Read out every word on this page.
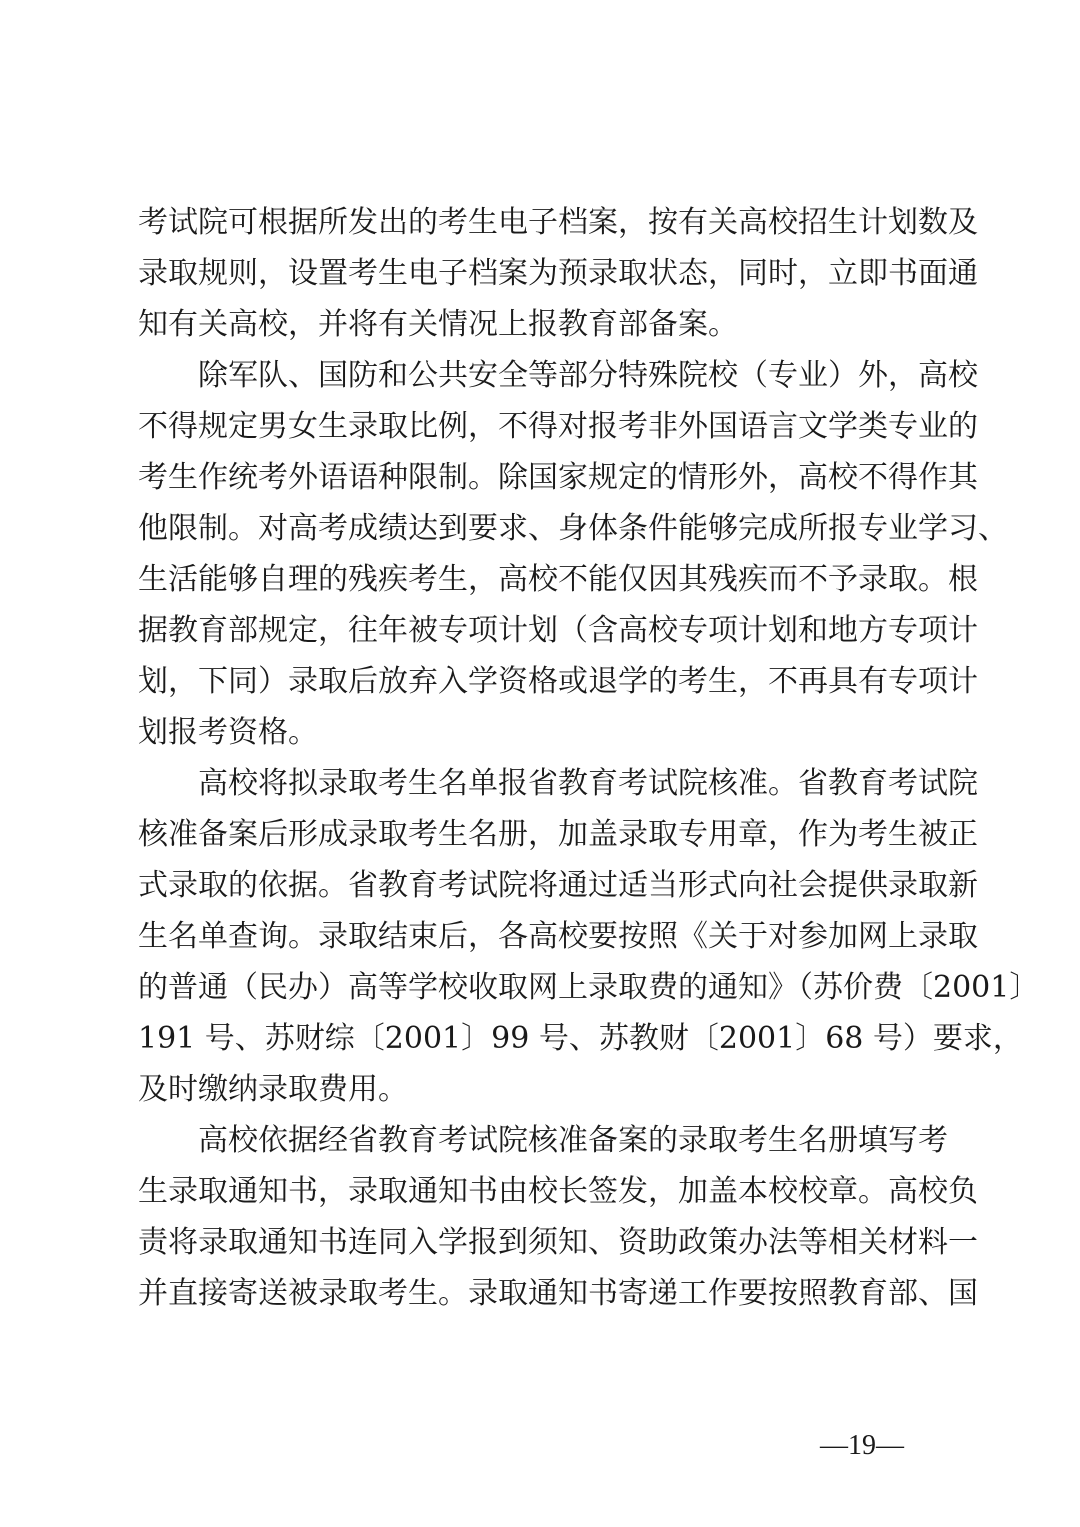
考试院可根据所发出的考生电子档案，按有关高校招生计划数及
录取规则，设置考生电子档案为预录取状态，同时，立即书面通
知有关高校，并将有关情况上报教育部备案。
除军队、国防和公共安全等部分特殊院校（专业）外，高校
不得规定男女生录取比例，不得对报考非外国语言文学类专业的
考生作统考外语语种限制。除国家规定的情形外，高校不得作其
他限制。对高考成绩达到要求、身体条件能够完成所报专业学习、
生活能够自理的残疾考生，高校不能仅因其残疾而不予录取。根
据教育部规定，往年被专项计划（含高校专项计划和地方专项计
划，下同）录取后放弃入学资格或退学的考生，不再具有专项计
划报考资格。
高校将拟录取考生名单报省教育考试院核准。省教育考试院
核准备案后形成录取考生名册，加盖录取专用章，作为考生被正
式录取的依据。省教育考试院将通过适当形式向社会提供录取新
生名单查询。录取结束后，各高校要按照《关于对参加网上录取
的普通（民办）高等学校收取网上录取费的通知》（苏价费〔2001〕
191 号、苏财综〔2001〕99 号、苏教财〔2001〕68 号）要求，
及时缴纳录取费用。
高校依据经省教育考试院核准备案的录取考生名册填写考
生录取通知书，录取通知书由校长签发，加盖本校校章。高校负
责将录取通知书连同入学报到须知、资助政策办法等相关材料一
并直接寄送被录取考生。录取通知书寄递工作要按照教育部、国
—19—
